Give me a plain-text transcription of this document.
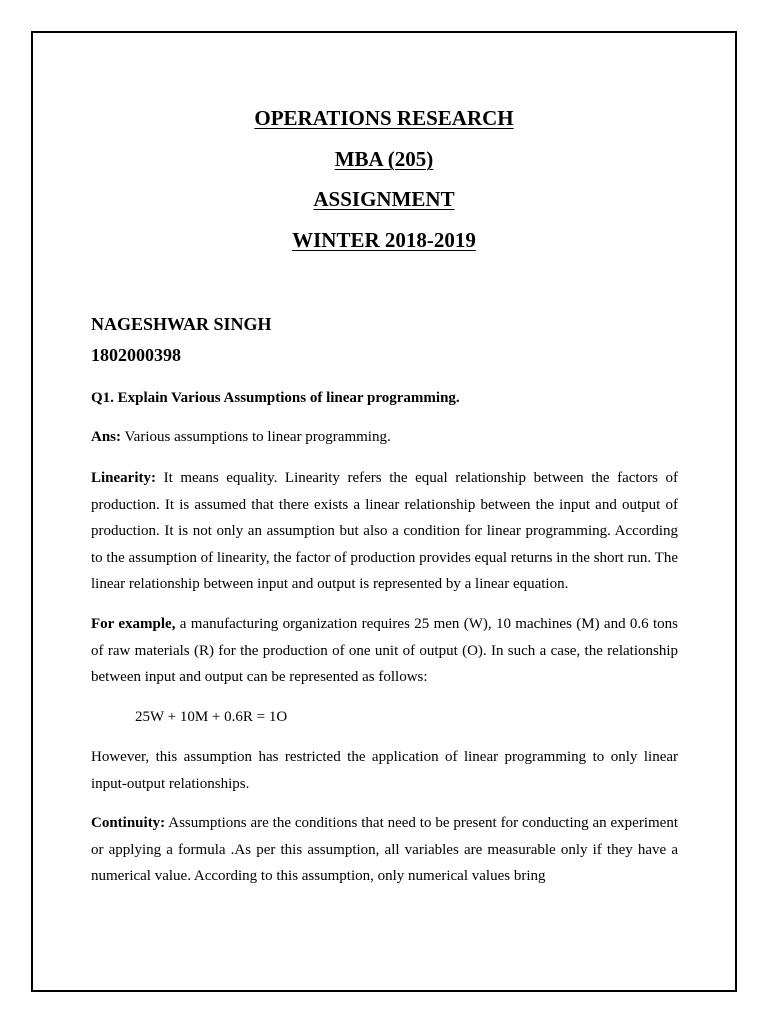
OPERATIONS RESEARCH
MBA (205)
ASSIGNMENT
WINTER 2018-2019
NAGESHWAR SINGH
1802000398
Q1. Explain Various Assumptions of linear programming.
Ans: Various assumptions to linear programming.
Linearity: It means equality. Linearity refers the equal relationship between the factors of production. It is assumed that there exists a linear relationship between the input and output of production. It is not only an assumption but also a condition for linear programming. According to the assumption of linearity, the factor of production provides equal returns in the short run. The linear relationship between input and output is represented by a linear equation.
For example, a manufacturing organization requires 25 men (W), 10 machines (M) and 0.6 tons of raw materials (R) for the production of one unit of output (O). In such a case, the relationship between input and output can be represented as follows:
25W + 10M + 0.6R = 1O
However, this assumption has restricted the application of linear programming to only linear input-output relationships.
Continuity: Assumptions are the conditions that need to be present for conducting an experiment or applying a formula .As per this assumption, all variables are measurable only if they have a numerical value. According to this assumption, only numerical values bring
